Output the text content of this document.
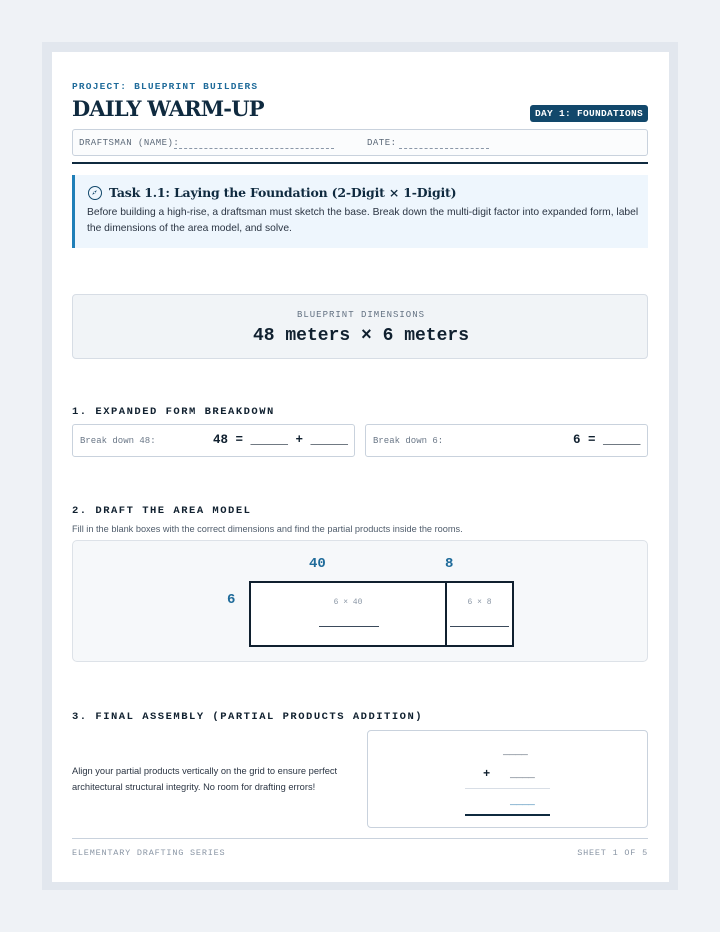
PROJECT: BLUEPRINT BUILDERS
DAILY WARM-UP	DAY 1: FOUNDATIONS
DRAFTSMAN (NAME):	DATE:
Task 1.1: Laying the Foundation (2-Digit × 1-Digit)
Before building a high-rise, a draftsman must sketch the base. Break down the multi-digit factor into expanded form, label the dimensions of the area model, and solve.
BLUEPRINT DIMENSIONS
48 meters × 6 meters
1. EXPANDED FORM BREAKDOWN
Break down 48:	48 = _____ + _____	Break down 6:	6 = _____
2. DRAFT THE AREA MODEL
Fill in the blank boxes with the correct dimensions and find the partial products inside the rooms.
40	8
6	6 × 40	6 × 8
3. FINAL ASSEMBLY (PARTIAL PRODUCTS ADDITION)
Align your partial products vertically on the grid to ensure perfect architectural structural integrity. No room for drafting errors!
____
+ ____
____
ELEMENTARY DRAFTING SERIES	SHEET 1 OF 5
